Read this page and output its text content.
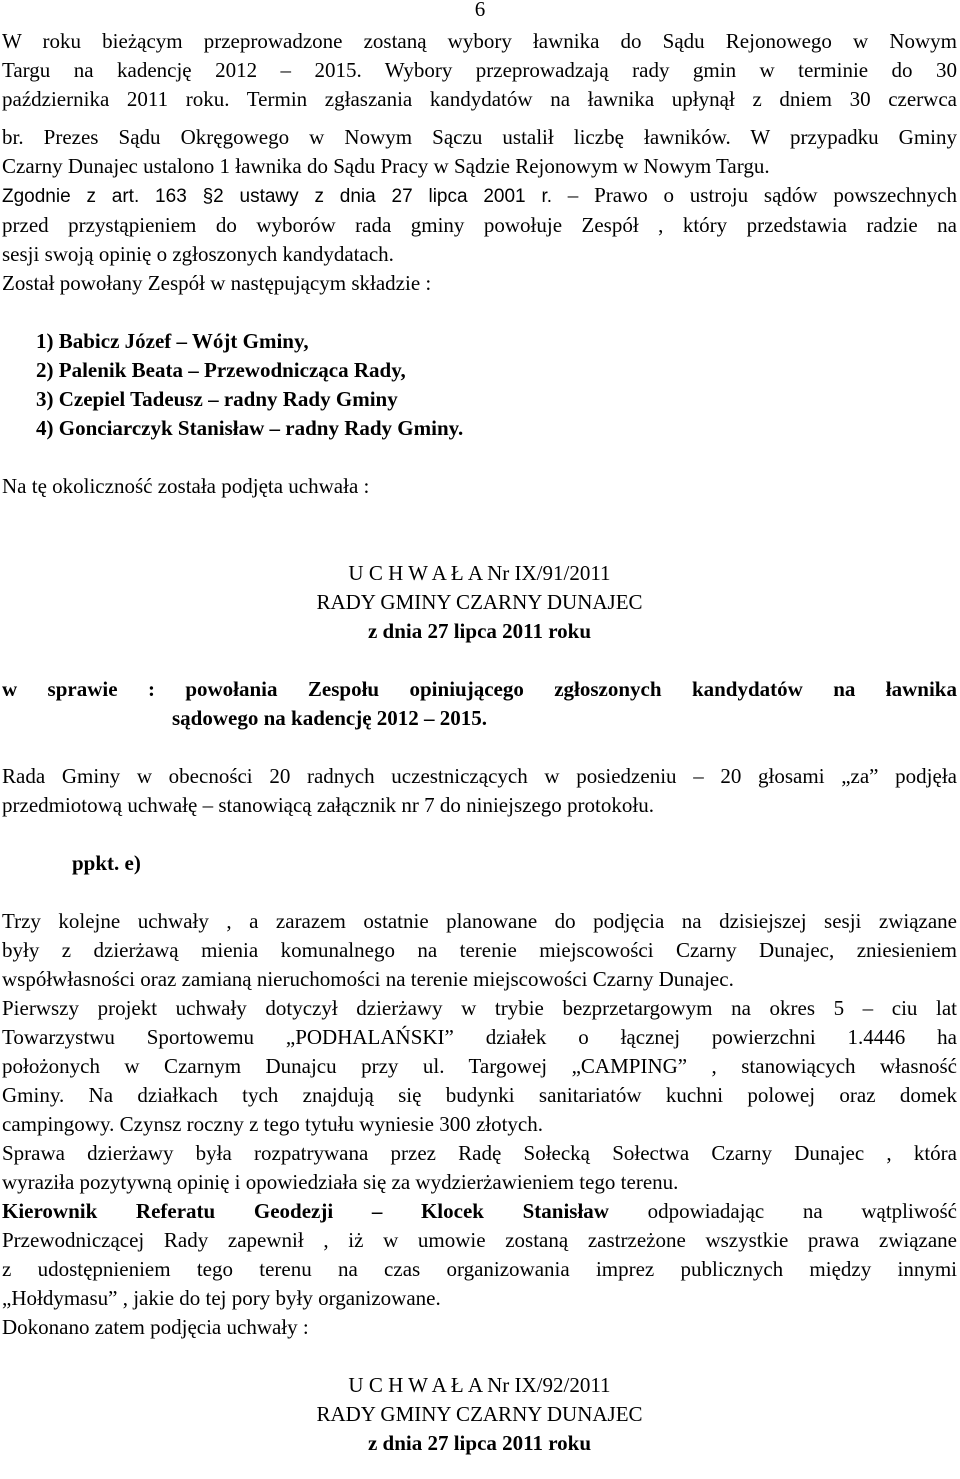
6

W roku bieżącym przeprowadzone zostaną wybory ławnika do Sądu Rejonowego w Nowym

Targu na kadencję 2012 – 2015. Wybory przeprowadzają rady gmin w terminie do 30

października 2011 roku. Termin zgłaszania kandydatów na ławnika upłynął z dniem 30 czerwca

br. Prezes Sądu Okręgowego w Nowym Sączu ustalił liczbę ławników. W przypadku Gminy

Czarny Dunajec ustalono 1 ławnika do Sądu Pracy w Sądzie Rejonowym w Nowym Targu.

Zgodnie z art. 163 §2 ustawy z dnia 27 lipca 2001 r. – Prawo o ustroju sądów powszechnych

przed przystąpieniem do wyborów rada gminy powołuje Zespół , który przedstawia radzie na

sesji swoją opinię o zgłoszonych kandydatach.

Został powołany Zespół w następującym składzie :

1) Babicz Józef – Wójt Gminy,

2) Palenik Beata – Przewodnicząca Rady,

3) Czepiel Tadeusz – radny Rady Gminy

4) Gonciarczyk Stanisław – radny Rady Gminy.

Na tę okoliczność została podjęta uchwała :

U C H W A Ł A Nr IX/91/2011

RADY GMINY CZARNY DUNAJEC

z dnia 27 lipca 2011 roku

w sprawie : powołania Zespołu opiniującego zgłoszonych kandydatów na ławnika

sądowego na kadencję 2012 – 2015.

Rada Gminy w obecności 20 radnych uczestniczących w posiedzeniu – 20 głosami „za” podjęła

przedmiotową uchwałę – stanowiącą załącznik nr 7 do niniejszego protokołu.

ppkt. e)

Trzy kolejne uchwały , a zarazem ostatnie planowane do podjęcia na dzisiejszej sesji związane

były z dzierżawą mienia komunalnego na terenie miejscowości Czarny Dunajec, zniesieniem

współwłasności oraz zamianą nieruchomości na terenie miejscowości Czarny Dunajec.

Pierwszy projekt uchwały dotyczył dzierżawy w trybie bezprzetargowym na okres 5 – ciu lat

Towarzystwu Sportowemu „PODHALAŃSKI” działek o łącznej powierzchni 1.4446 ha

położonych w Czarnym Dunajcu przy ul. Targowej „CAMPING” , stanowiących własność

Gminy. Na działkach tych znajdują się budynki sanitariatów kuchni polowej oraz domek

campingowy. Czynsz roczny z tego tytułu wyniesie 300 złotych.

Sprawa dzierżawy była rozpatrywana przez Radę Sołecką Sołectwa Czarny Dunajec , która

wyraziła pozytywną opinię i opowiedziała się za wydzierżawieniem tego terenu.

Kierownik Referatu Geodezji – Klocek Stanisław odpowiadając na wątpliwość

Przewodniczącej Rady zapewnił , iż w umowie zostaną zastrzeżone wszystkie prawa związane

z udostępnieniem tego terenu na czas organizowania imprez publicznych między innymi

„Hołdymasu” , jakie do tej pory były organizowane.

Dokonano zatem podjęcia uchwały :

U C H W A Ł A Nr IX/92/2011

RADY GMINY CZARNY DUNAJEC

z dnia 27 lipca 2011 roku
